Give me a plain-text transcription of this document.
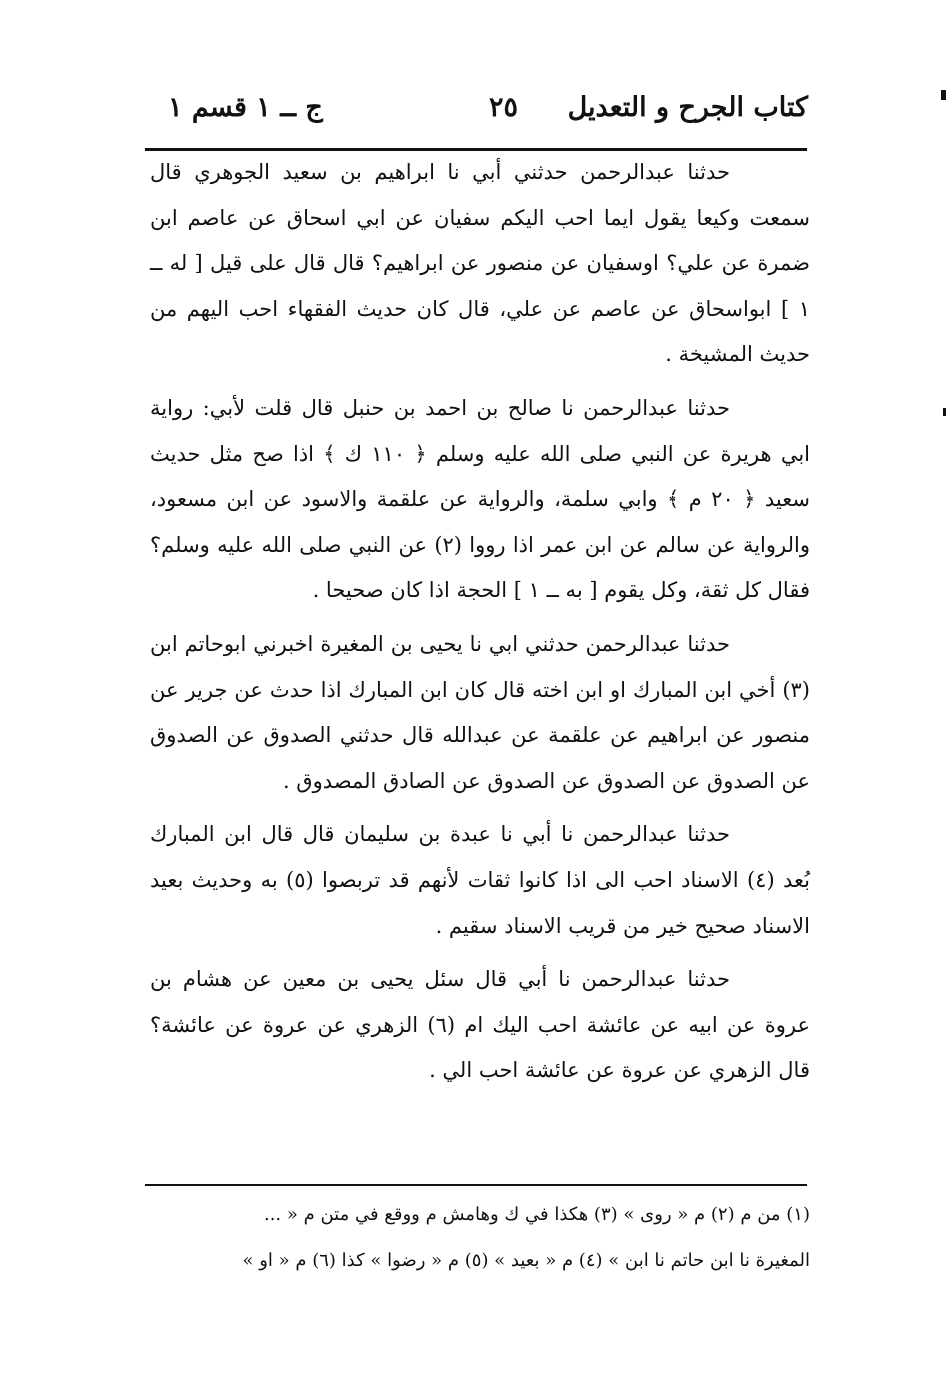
كتاب الجرح و التعديل
٢٥
ج ــ ١ قسم ١

حدثنا عبدالرحمن حدثني أبي نا ابراهيم بن سعيد الجوهري قال سمعت وكيعا يقول ايما احب اليكم سفيان عن ابي اسحاق عن عاصم ابن ضمرة عن علي؟ اوسفيان عن منصور عن ابراهيم؟ قال قال على قيل [ له ــ ١ ] ابواسحاق عن عاصم عن علي، قال كان حديث الفقهاء احب اليهم من حديث المشيخة .

حدثنا عبدالرحمن نا صالح بن احمد بن حنبل قال قلت لأبي: رواية ابي هريرة عن النبي صلى الله عليه وسلم ﴿ ١١٠ ك ﴾ اذا صح مثل حديث سعيد ﴿ ٢٠ م ﴾ وابي سلمة، والرواية عن علقمة والاسود عن ابن مسعود، والرواية عن سالم عن ابن عمر اذا رووا (٢) عن النبي صلى الله عليه وسلم؟ فقال كل ثقة، وكل يقوم [ به ــ ١ ] الحجة اذا كان صحيحا .

حدثنا عبدالرحمن حدثني ابي نا يحيى بن المغيرة اخبرني ابوحاتم ابن (٣) أخي ابن المبارك او ابن اخته قال كان ابن المبارك اذا حدث عن جرير عن منصور عن ابراهيم عن علقمة عن عبدالله قال حدثني الصدوق عن الصدوق عن الصدوق عن الصدوق عن الصدوق عن الصادق المصدوق .

حدثنا عبدالرحمن نا أبي نا عبدة بن سليمان قال قال ابن المبارك بُعد (٤) الاسناد احب الى اذا كانوا ثقات لأنهم قد تربصوا (٥) به وحديث بعيد الاسناد صحيح خير من قريب الاسناد سقيم .

حدثنا عبدالرحمن نا أبي قال سئل يحيى بن معين عن هشام بن عروة عن ابيه عن عائشة احب اليك ام (٦) الزهري عن عروة عن عائشة؟ قال الزهري عن عروة عن عائشة احب الي .

(١) من م (٢) م « روى » (٣) هكذا في ك وهامش م ووقع في متن م « ...

المغيرة نا ابن حاتم نا ابن » (٤) م « بعيد » (٥) م « رضوا » كذا (٦) م « او »
